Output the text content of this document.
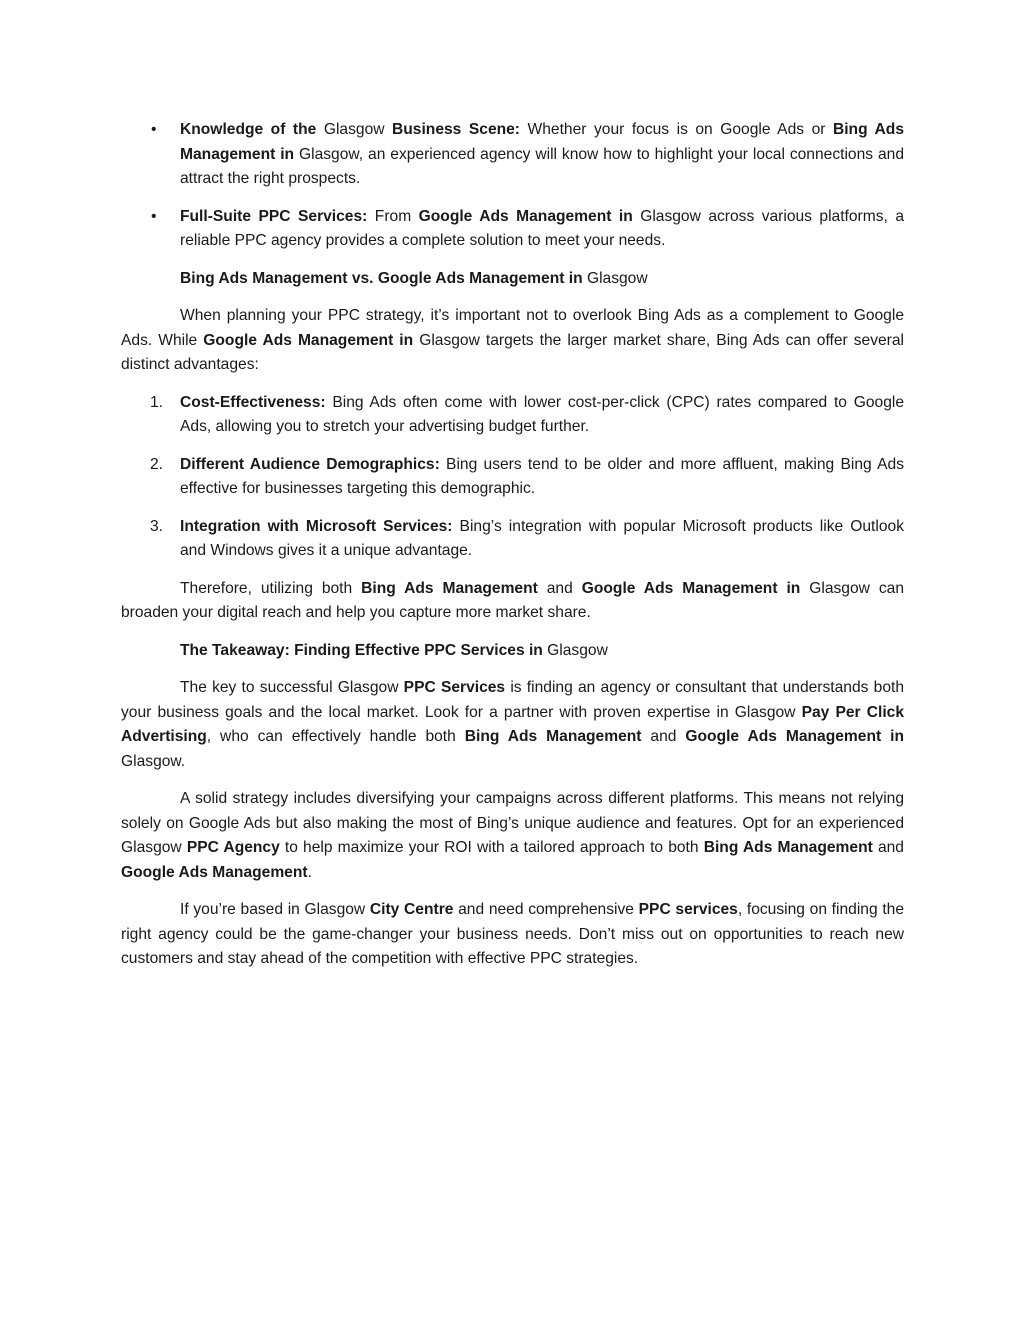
• Knowledge of the Glasgow Business Scene: Whether your focus is on Google Ads or Bing Ads Management in Glasgow, an experienced agency will know how to highlight your local connections and attract the right prospects.
• Full-Suite PPC Services: From Google Ads Management in Glasgow across various platforms, a reliable PPC agency provides a complete solution to meet your needs.
Bing Ads Management vs. Google Ads Management in Glasgow
When planning your PPC strategy, it’s important not to overlook Bing Ads as a complement to Google Ads. While Google Ads Management in Glasgow targets the larger market share, Bing Ads can offer several distinct advantages:
1. Cost-Effectiveness: Bing Ads often come with lower cost-per-click (CPC) rates compared to Google Ads, allowing you to stretch your advertising budget further.
2. Different Audience Demographics: Bing users tend to be older and more affluent, making Bing Ads effective for businesses targeting this demographic.
3. Integration with Microsoft Services: Bing’s integration with popular Microsoft products like Outlook and Windows gives it a unique advantage.
Therefore, utilizing both Bing Ads Management and Google Ads Management in Glasgow can broaden your digital reach and help you capture more market share.
The Takeaway: Finding Effective PPC Services in Glasgow
The key to successful Glasgow PPC Services is finding an agency or consultant that understands both your business goals and the local market. Look for a partner with proven expertise in Glasgow Pay Per Click Advertising, who can effectively handle both Bing Ads Management and Google Ads Management in Glasgow.
A solid strategy includes diversifying your campaigns across different platforms. This means not relying solely on Google Ads but also making the most of Bing’s unique audience and features. Opt for an experienced Glasgow PPC Agency to help maximize your ROI with a tailored approach to both Bing Ads Management and Google Ads Management.
If you’re based in Glasgow City Centre and need comprehensive PPC services, focusing on finding the right agency could be the game-changer your business needs. Don’t miss out on opportunities to reach new customers and stay ahead of the competition with effective PPC strategies.
